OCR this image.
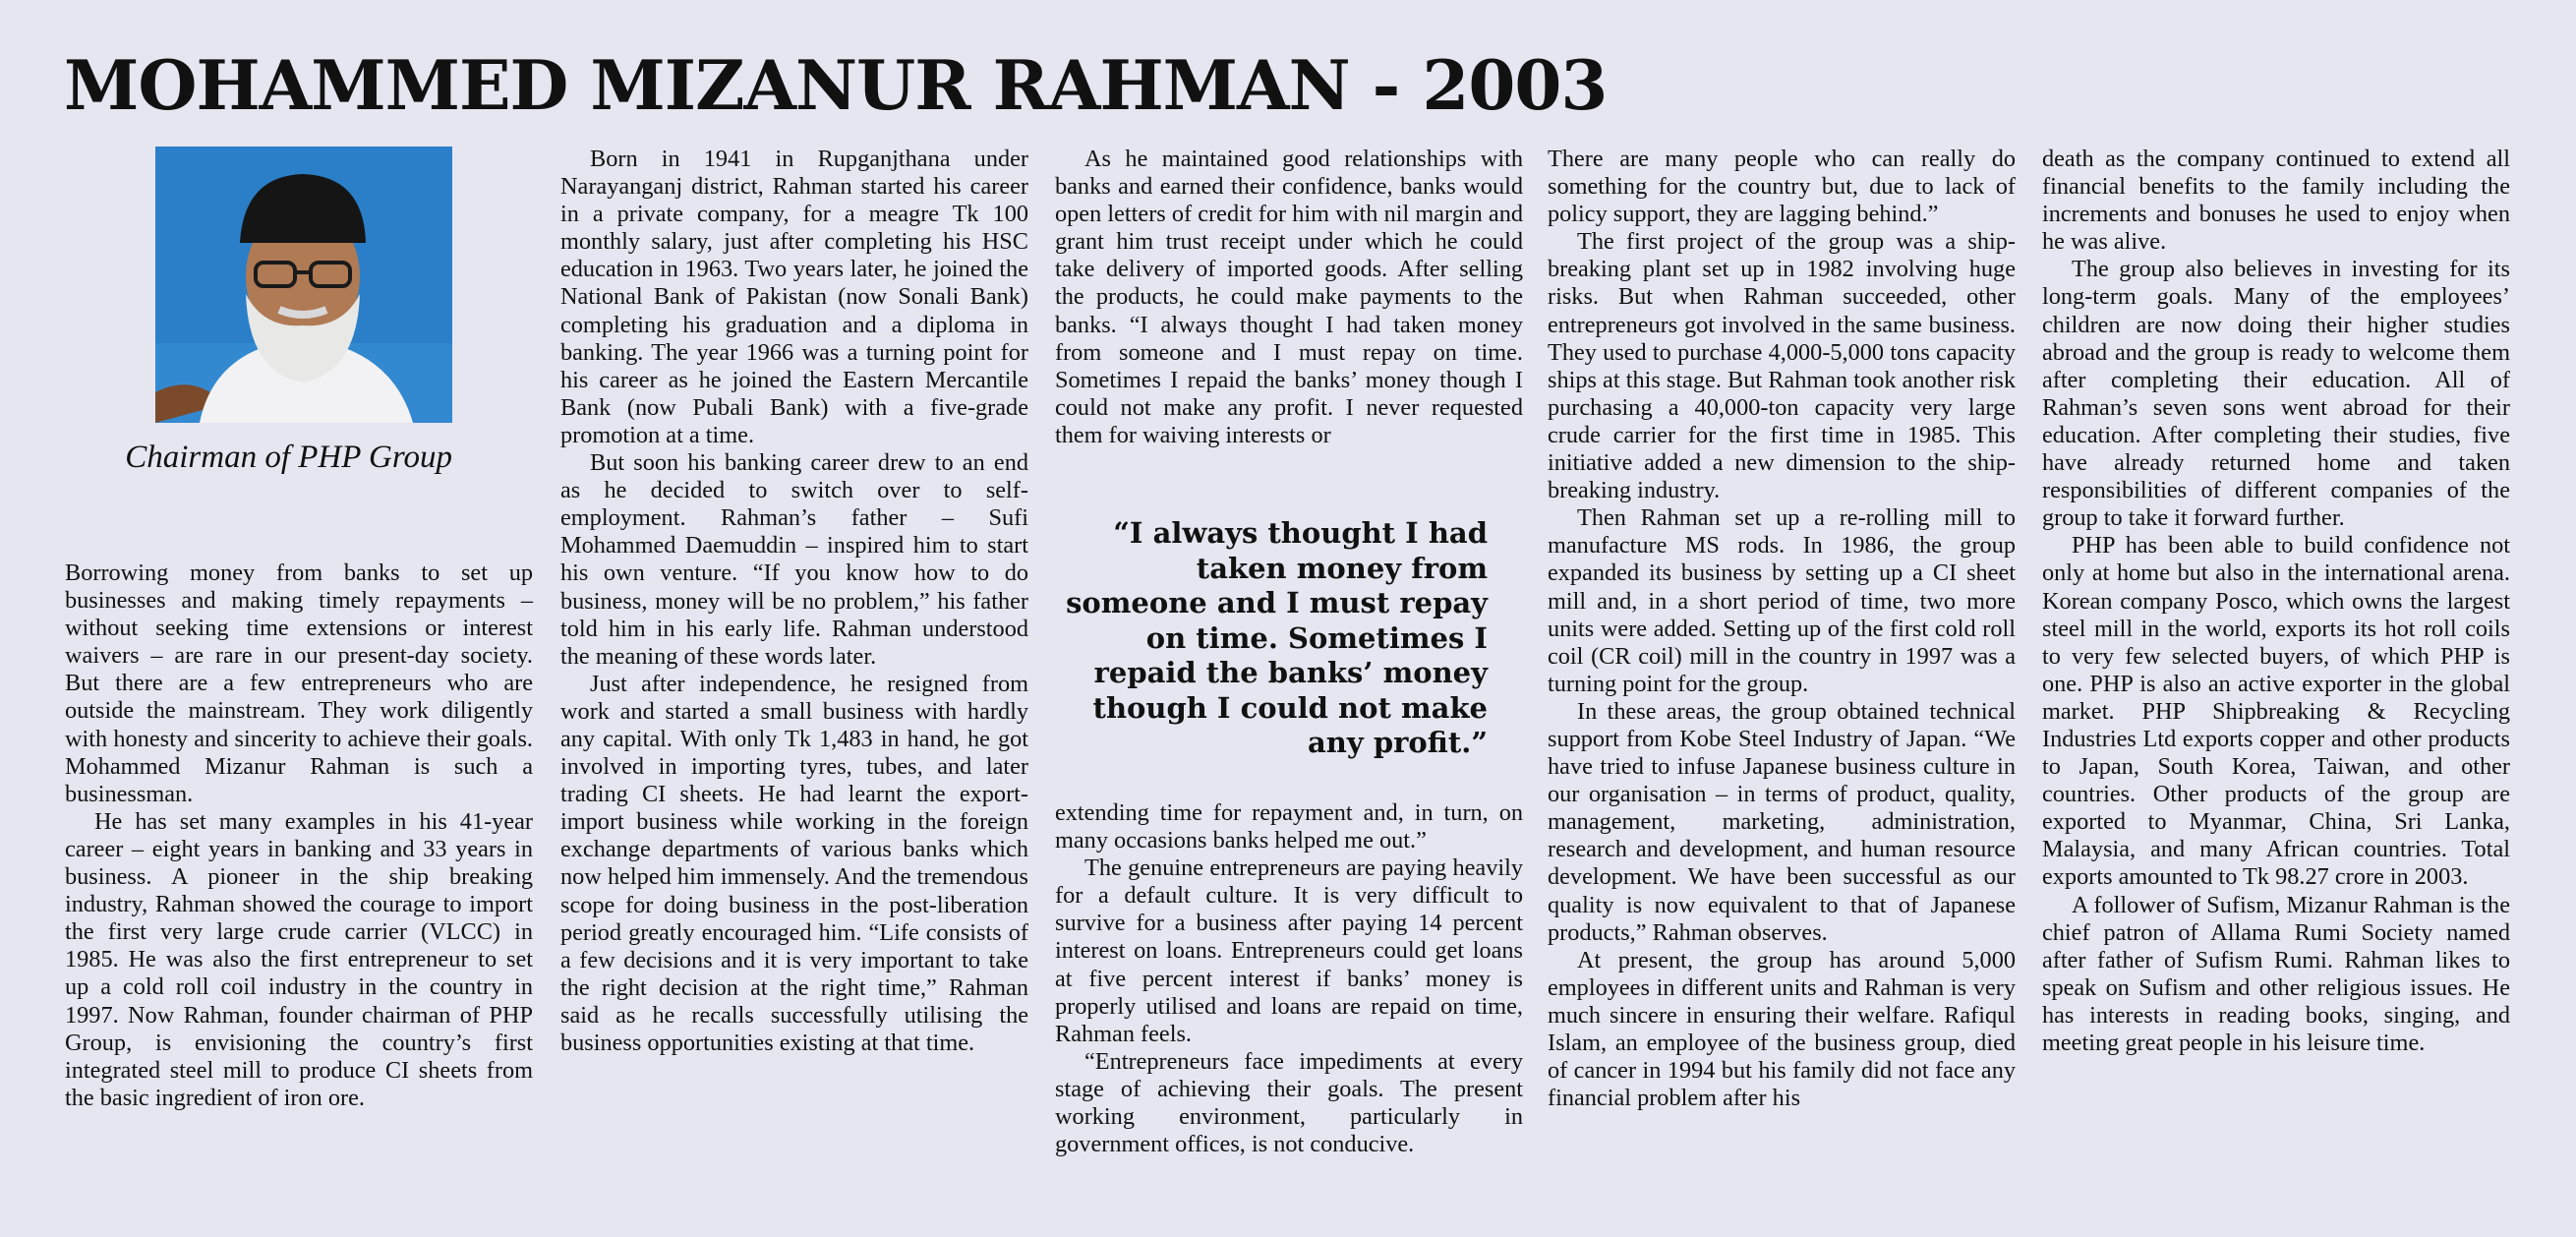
MOHAMMED MIZANUR RAHMAN - 2003

Chairman of PHP Group

Borrowing money from banks to set up businesses and making timely repayments – without seeking time extensions or interest waivers – are rare in our present-day society. But there are a few entrepreneurs who are outside the mainstream. They work diligently with honesty and sincerity to achieve their goals. Mohammed Mizanur Rahman is such a businessman.

He has set many examples in his 41-year career – eight years in banking and 33 years in business. A pioneer in the ship breaking industry, Rahman showed the courage to import the first very large crude carrier (VLCC) in 1985. He was also the first entrepreneur to set up a cold roll coil industry in the country in 1997. Now Rahman, founder chairman of PHP Group, is envisioning the country’s first integrated steel mill to produce CI sheets from the basic ingredient of iron ore.

Born in 1941 in Rupganjthana under Narayanganj district, Rahman started his career in a private company, for a meagre Tk 100 monthly salary, just after completing his HSC education in 1963. Two years later, he joined the National Bank of Pakistan (now Sonali Bank) completing his graduation and a diploma in banking. The year 1966 was a turning point for his career as he joined the Eastern Mercantile Bank (now Pubali Bank) with a five-grade promotion at a time.

But soon his banking career drew to an end as he decided to switch over to self-employment. Rahman’s father – Sufi Mohammed Daemuddin – inspired him to start his own venture. “If you know how to do business, money will be no problem,” his father told him in his early life. Rahman understood the meaning of these words later.

Just after independence, he resigned from work and started a small business with hardly any capital. With only Tk 1,483 in hand, he got involved in importing tyres, tubes, and later trading CI sheets. He had learnt the export-import business while working in the foreign exchange departments of various banks which now helped him immensely. And the tremendous scope for doing business in the post-liberation period greatly encouraged him. “Life consists of a few decisions and it is very important to take the right decision at the right time,” Rahman said as he recalls successfully utilising the business opportunities existing at that time.

As he maintained good relationships with banks and earned their confidence, banks would open letters of credit for him with nil margin and grant him trust receipt under which he could take delivery of imported goods. After selling the products, he could make payments to the banks. “I always thought I had taken money from someone and I must repay on time. Sometimes I repaid the banks’ money though I could not make any profit. I never requested them for waiving interests or

“I always thought I had taken money from someone and I must repay on time. Sometimes I repaid the banks’ money though I could not make any profit.”

extending time for repayment and, in turn, on many occasions banks helped me out.”

The genuine entrepreneurs are paying heavily for a default culture. It is very difficult to survive for a business after paying 14 percent interest on loans. Entrepreneurs could get loans at five percent interest if banks’ money is properly utilised and loans are repaid on time, Rahman feels.

“Entrepreneurs face impediments at every stage of achieving their goals. The present working environment, particularly in government offices, is not conducive.

There are many people who can really do something for the country but, due to lack of policy support, they are lagging behind.”

The first project of the group was a ship-breaking plant set up in 1982 involving huge risks. But when Rahman succeeded, other entrepreneurs got involved in the same business. They used to purchase 4,000-5,000 tons capacity ships at this stage. But Rahman took another risk purchasing a 40,000-ton capacity very large crude carrier for the first time in 1985. This initiative added a new dimension to the ship-breaking industry.

Then Rahman set up a re-rolling mill to manufacture MS rods. In 1986, the group expanded its business by setting up a CI sheet mill and, in a short period of time, two more units were added. Setting up of the first cold roll coil (CR coil) mill in the country in 1997 was a turning point for the group.

In these areas, the group obtained technical support from Kobe Steel Industry of Japan. “We have tried to infuse Japanese business culture in our organisation – in terms of product, quality, management, marketing, administration, research and development, and human resource development. We have been successful as our quality is now equivalent to that of Japanese products,” Rahman observes.

At present, the group has around 5,000 employees in different units and Rahman is very much sincere in ensuring their welfare. Rafiqul Islam, an employee of the business group, died of cancer in 1994 but his family did not face any financial problem after his

death as the company continued to extend all financial benefits to the family including the increments and bonuses he used to enjoy when he was alive.

The group also believes in investing for its long-term goals. Many of the employees’ children are now doing their higher studies abroad and the group is ready to welcome them after completing their education. All of Rahman’s seven sons went abroad for their education. After completing their studies, five have already returned home and taken responsibilities of different companies of the group to take it forward further.

PHP has been able to build confidence not only at home but also in the international arena. Korean company Posco, which owns the largest steel mill in the world, exports its hot roll coils to very few selected buyers, of which PHP is one. PHP is also an active exporter in the global market. PHP Shipbreaking & Recycling Industries Ltd exports copper and other products to Japan, South Korea, Taiwan, and other countries. Other products of the group are exported to Myanmar, China, Sri Lanka, Malaysia, and many African countries. Total exports amounted to Tk 98.27 crore in 2003.

A follower of Sufism, Mizanur Rahman is the chief patron of Allama Rumi Society named after father of Sufism Rumi. Rahman likes to speak on Sufism and other religious issues. He has interests in reading books, singing, and meeting great people in his leisure time.
